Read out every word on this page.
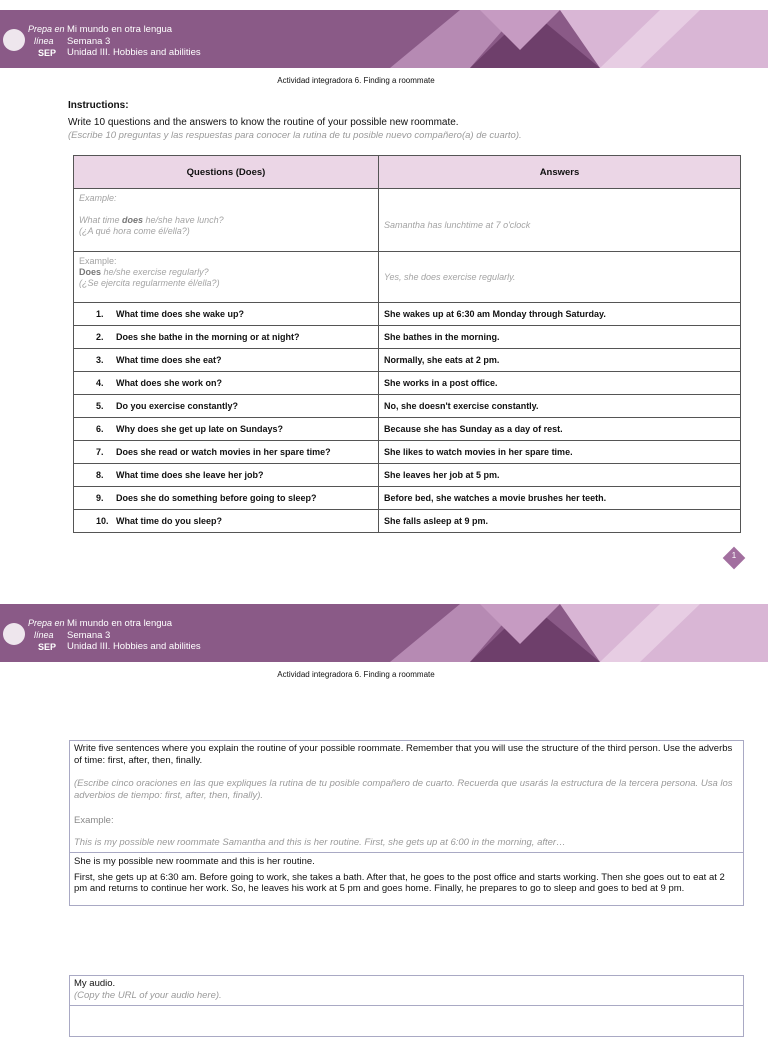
Mi mundo en otra lengua
Semana 3
Unidad III. Hobbies and abilities
Prepa en
línea
SEP
Actividad integradora 6. Finding a roommate
Instructions:
Write 10 questions and the answers to know the routine of your possible new roommate.
(Escribe 10 preguntas y las respuestas para conocer la rutina de tu posible nuevo compañero(a) de cuarto).
Questions (Does)	Answers

Example:
What time does he/she have lunch?
(¿A qué hora come él/ella?)	Samantha has lunchtime at 7 o'clock

Example:
Does he/she exercise regularly?
(¿Se ejercita regularmente él/ella?)	Yes, she does exercise regularly.
1. What time does she wake up?	She wakes up at 6:30 am Monday through Saturday.
2. Does she bathe in the morning or at night?	She bathes in the morning.
3. What time does she eat?	Normally, she eats at 2 pm.
4. What does she work on?	She works in a post office.
5. Do you exercise constantly?	No, she doesn't exercise constantly.
6. Why does she get up late on Sundays?	Because she has Sunday as a day of rest.
7. Does she read or watch movies in her spare time?	She likes to watch movies in her spare time.
8. What time does she leave her job?	She leaves her job at 5 pm.
9. Does she do something before going to sleep?	Before bed, she watches a movie brushes her teeth.
10. What time do you sleep?	She falls asleep at 9 pm.
1
Mi mundo en otra lengua
Semana 3
Unidad III. Hobbies and abilities
Prepa en
línea
SEP
Actividad integradora 6. Finding a roommate
Write five sentences where you explain the routine of your possible roommate. Remember that you will use the structure of the third person. Use the adverbs of time: first, after, then, finally.
(Escribe cinco oraciones en las que expliques la rutina de tu posible compañero de cuarto. Recuerda que usarás la estructura de la tercera persona. Usa los adverbios de tiempo: first, after, then, finally).
Example:
This is my possible new roommate Samantha and this is her routine. First, she gets up at 6:00 in the morning, after…
She is my possible new roommate and this is her routine.
First, she gets up at 6:30 am. Before going to work, she takes a bath. After that, he goes to the post office and starts working. Then she goes out to eat at 2 pm and returns to continue her work. So, he leaves his work at 5 pm and goes home. Finally, he prepares to go to sleep and goes to bed at 9 pm.
My audio.
(Copy the URL of your audio here).
